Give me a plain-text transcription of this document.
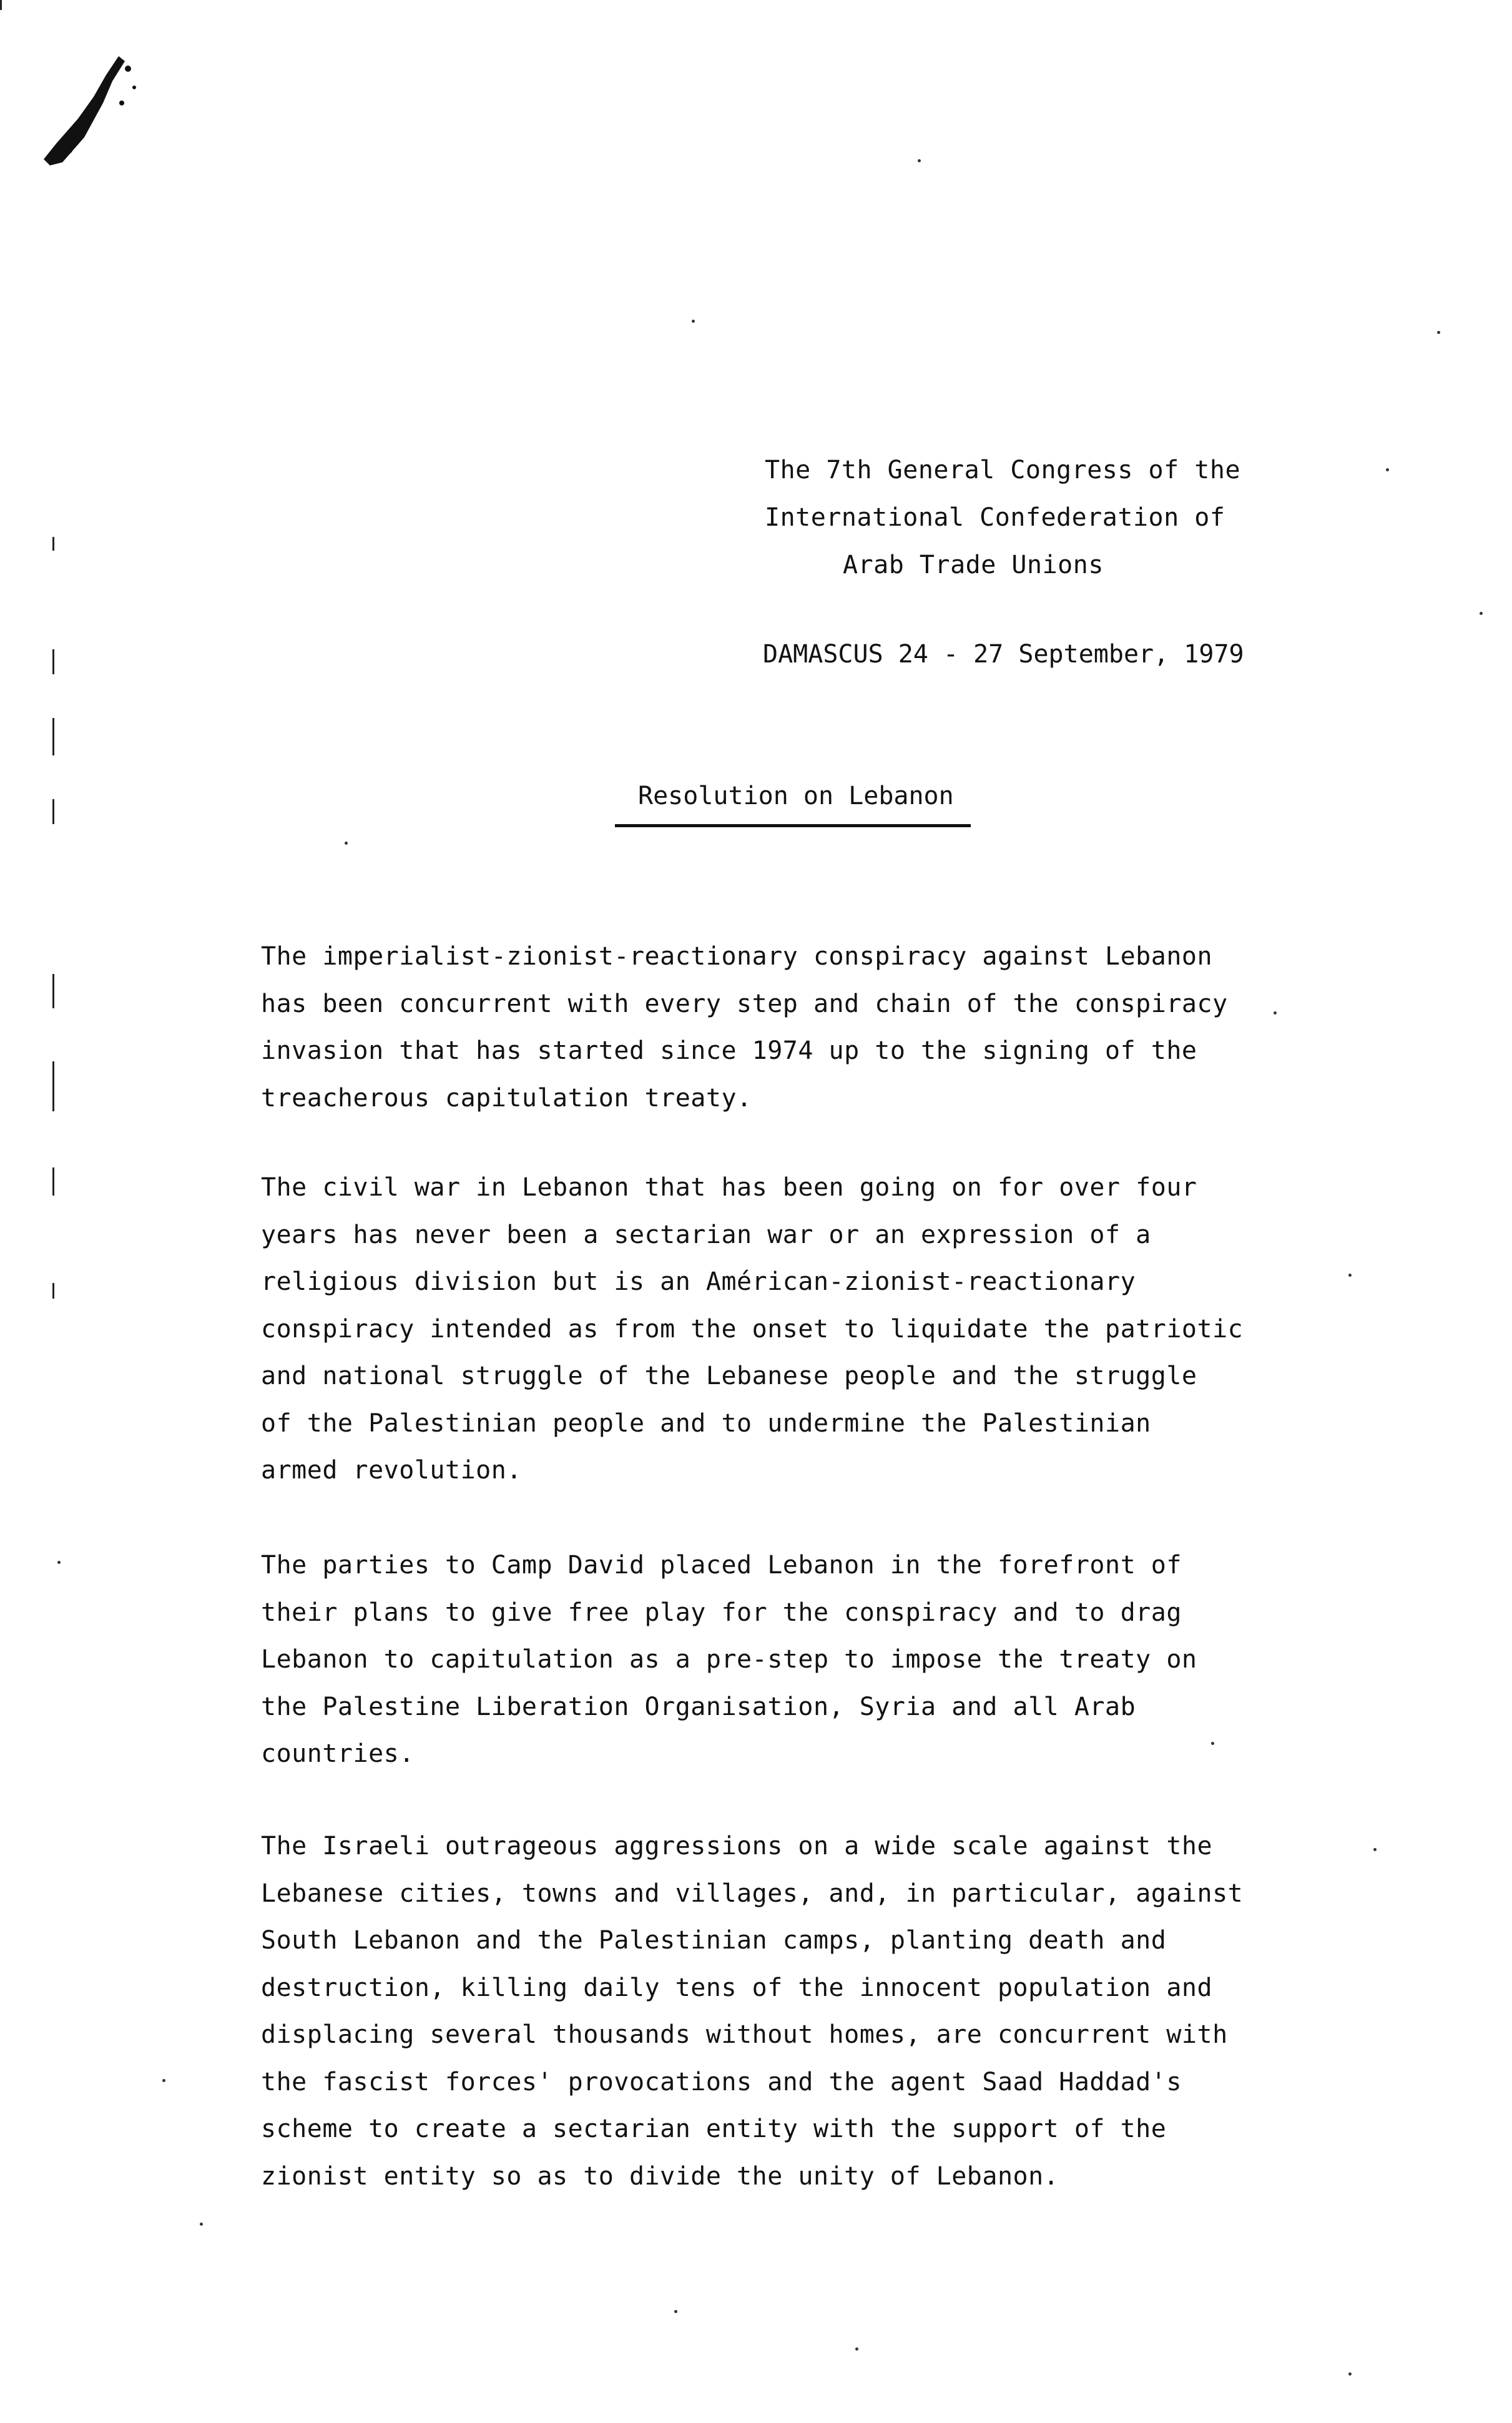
The 7th General Congress of the
International Confederation of
Arab Trade Unions
DAMASCUS 24 - 27 September, 1979
Resolution on Lebanon
The imperialist-zionist-reactionary conspiracy against Lebanon
has been concurrent with every step and chain of the conspiracy
invasion that has started since 1974 up to the signing of the
treacherous capitulation treaty.
The civil war in Lebanon that has been going on for over four
years has never been a sectarian war or an expression of a
religious division but is an Américan-zionist-reactionary
conspiracy intended as from the onset to liquidate the patriotic
and national struggle of the Lebanese people and the struggle
of the Palestinian people and to undermine the Palestinian
armed revolution.
The parties to Camp David placed Lebanon in the forefront of
their plans to give free play for the conspiracy and to drag
Lebanon to capitulation as a pre-step to impose the treaty on
the Palestine Liberation Organisation, Syria and all Arab
countries.
The Israeli outrageous aggressions on a wide scale against the
Lebanese cities, towns and villages, and, in particular, against
South Lebanon and the Palestinian camps, planting death and
destruction, killing daily tens of the innocent population and
displacing several thousands without homes, are concurrent with
the fascist forces' provocations and the agent Saad Haddad's
scheme to create a sectarian entity with the support of the
zionist entity so as to divide the unity of Lebanon.
